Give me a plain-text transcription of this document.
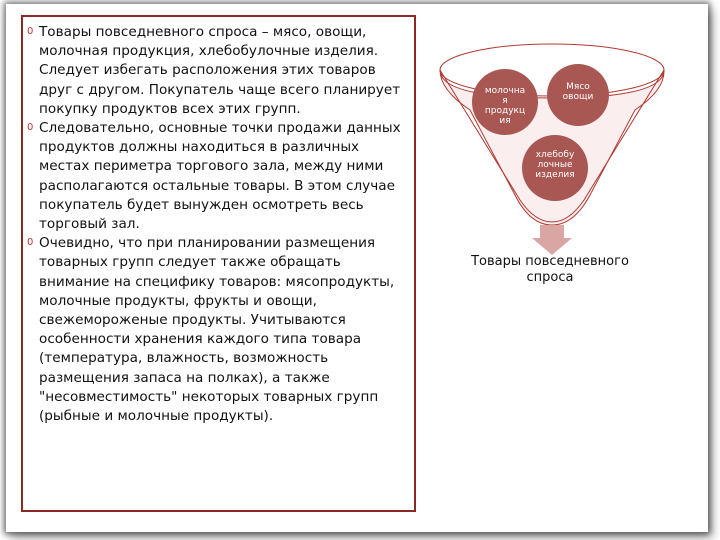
0 Товары повседневного спроса – мясо, овощи, молочная продукция, хлебобулочные изделия. Следует избегать расположения этих товаров друг с другом. Покупатель чаще всего планирует покупку продуктов всех этих групп.
0 Следовательно, основные точки продажи данных продуктов должны находиться в различных местах периметра торгового зала, между ними располагаются остальные товары. В этом случае покупатель будет вынужден осмотреть весь торговый зал.
0 Очевидно, что при планировании размещения товарных групп следует также обращать внимание на специфику товаров: мясопродукты, молочные продукты, фрукты и овощи, свежемороженые продукты. Учитываются особенности хранения каждого типа товара (температура, влажность, возможность размещения запаса на полках), а также "несовместимость" некоторых товарных групп (рыбные и молочные продукты).
молочна я продукц ия
Мясо овощи
хлебобу лочные изделия
Товары повседневного спроса
